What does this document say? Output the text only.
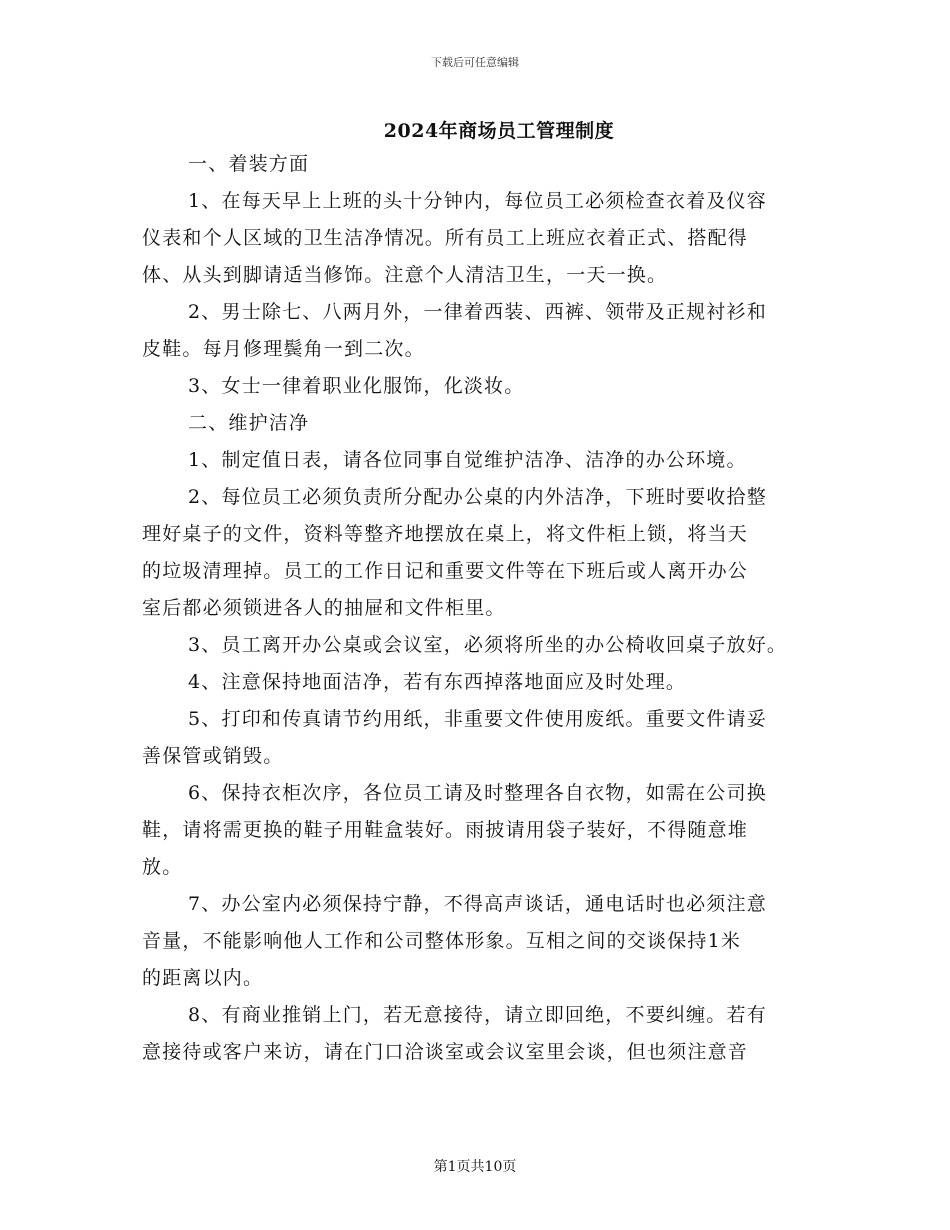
下载后可任意编辑
2024年商场员工管理制度
一、着装方面
1、在每天早上上班的头十分钟内，每位员工必须检查衣着及仪容
仪表和个人区域的卫生洁净情况。所有员工上班应衣着正式、搭配得
体、从头到脚请适当修饰。注意个人清洁卫生，一天一换。
2、男士除七、八两月外，一律着西装、西裤、领带及正规衬衫和
皮鞋。每月修理鬓角一到二次。
3、女士一律着职业化服饰，化淡妆。
二、维护洁净
1、制定值日表，请各位同事自觉维护洁净、洁净的办公环境。
2、每位员工必须负责所分配办公桌的内外洁净，下班时要收拾整
理好桌子的文件，资料等整齐地摆放在桌上，将文件柜上锁，将当天
的垃圾清理掉。员工的工作日记和重要文件等在下班后或人离开办公
室后都必须锁进各人的抽屉和文件柜里。
3、员工离开办公桌或会议室，必须将所坐的办公椅收回桌子放好。
4、注意保持地面洁净，若有东西掉落地面应及时处理。
5、打印和传真请节约用纸，非重要文件使用废纸。重要文件请妥
善保管或销毁。
6、保持衣柜次序，各位员工请及时整理各自衣物，如需在公司换
鞋，请将需更换的鞋子用鞋盒装好。雨披请用袋子装好，不得随意堆
放。
7、办公室内必须保持宁静，不得高声谈话，通电话时也必须注意
音量，不能影响他人工作和公司整体形象。互相之间的交谈保持1米
的距离以内。
8、有商业推销上门，若无意接待，请立即回绝，不要纠缠。若有
意接待或客户来访，请在门口洽谈室或会议室里会谈，但也须注意音
第1页共10页
